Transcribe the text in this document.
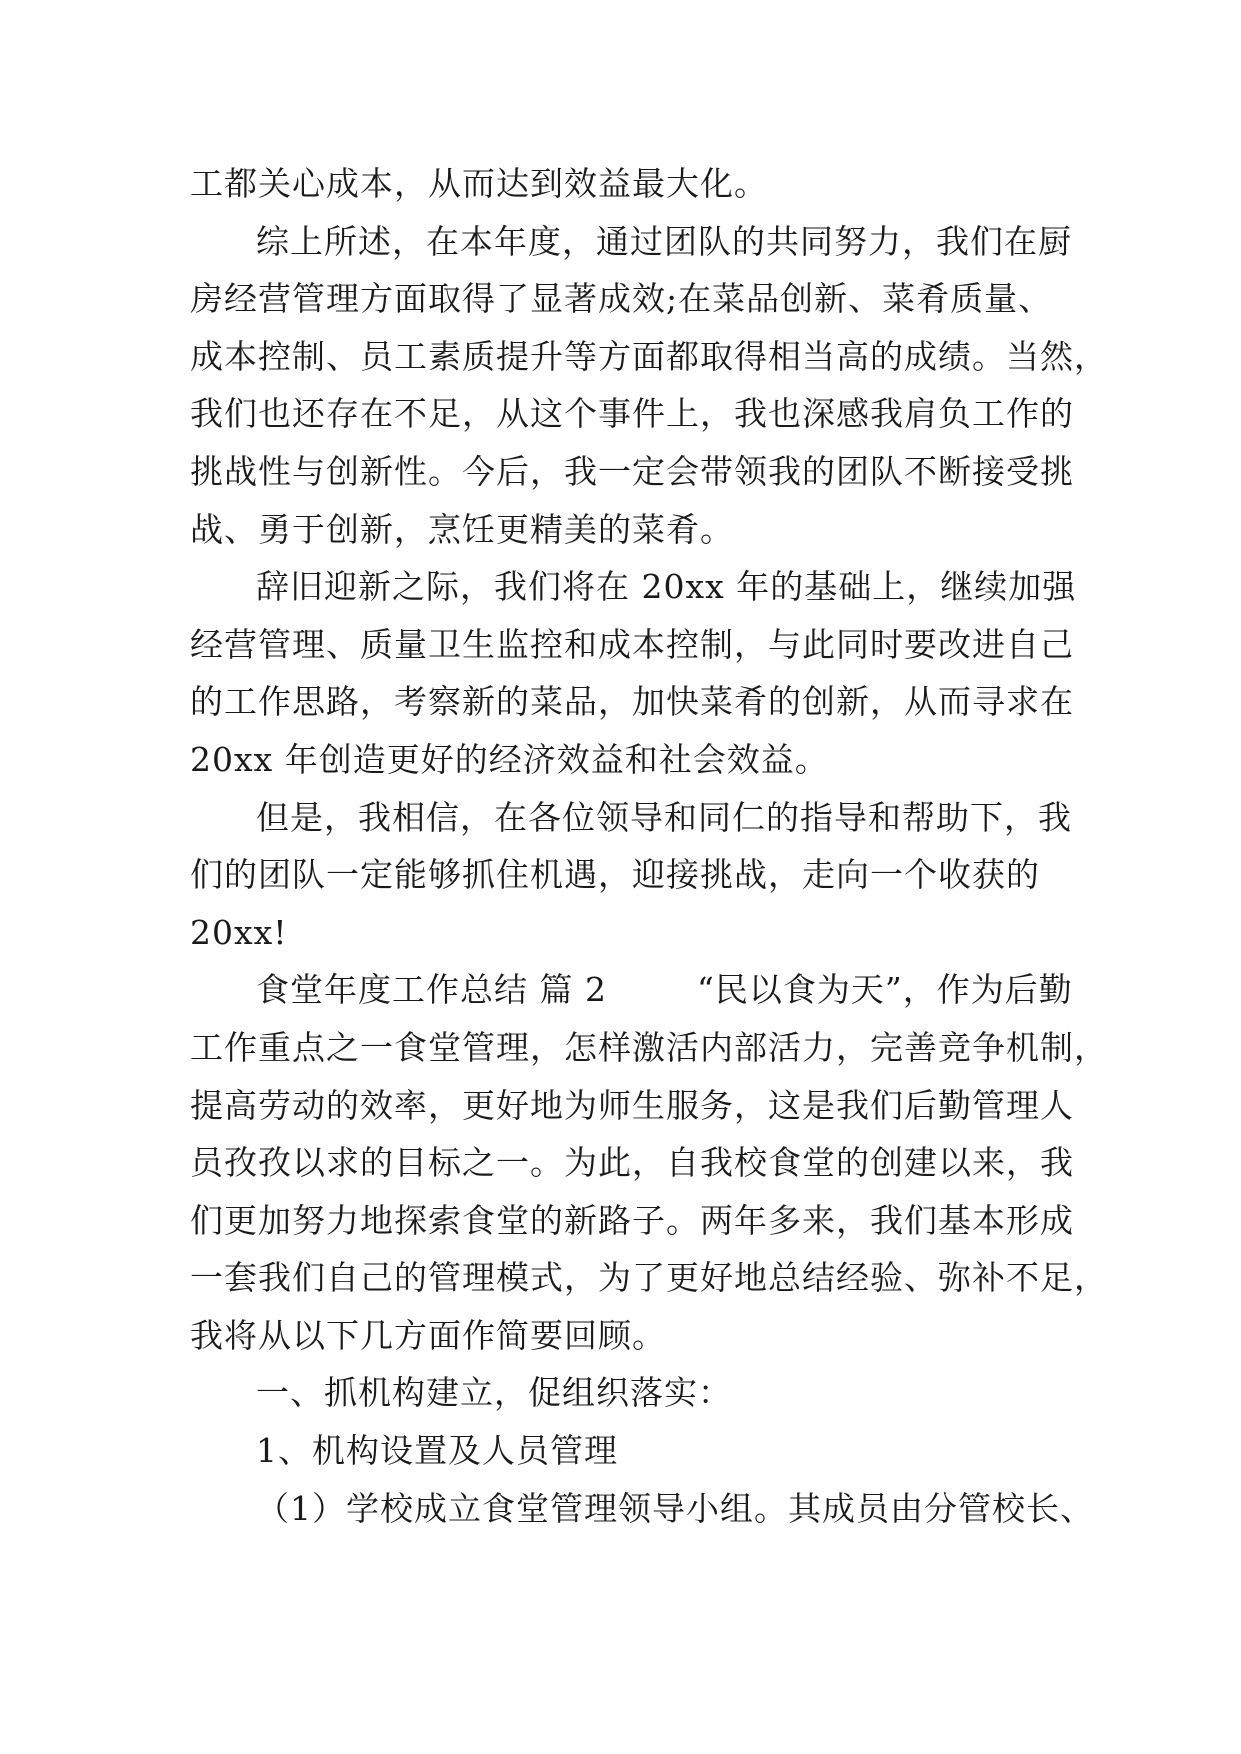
工都关心成本，从而达到效益最大化。
综上所述，在本年度，通过团队的共同努力，我们在厨
房经营管理方面取得了显著成效;在菜品创新、菜肴质量、
成本控制、员工素质提升等方面都取得相当高的成绩。当然，
我们也还存在不足，从这个事件上，我也深感我肩负工作的
挑战性与创新性。今后，我一定会带领我的团队不断接受挑
战、勇于创新，烹饪更精美的菜肴。
辞旧迎新之际，我们将在 20xx 年的基础上，继续加强
经营管理、质量卫生监控和成本控制，与此同时要改进自己
的工作思路，考察新的菜品，加快菜肴的创新，从而寻求在
20xx 年创造更好的经济效益和社会效益。
但是，我相信，在各位领导和同仁的指导和帮助下，我
们的团队一定能够抓住机遇，迎接挑战，走向一个收获的
20xx!
食堂年度工作总结 篇 2	“民以食为天”，作为后勤
工作重点之一食堂管理，怎样激活内部活力，完善竞争机制，
提高劳动的效率，更好地为师生服务，这是我们后勤管理人
员孜孜以求的目标之一。为此，自我校食堂的创建以来，我
们更加努力地探索食堂的新路子。两年多来，我们基本形成
一套我们自己的管理模式，为了更好地总结经验、弥补不足，
我将从以下几方面作简要回顾。
一、抓机构建立，促组织落实：
1、机构设置及人员管理
（1）学校成立食堂管理领导小组。其成员由分管校长、
